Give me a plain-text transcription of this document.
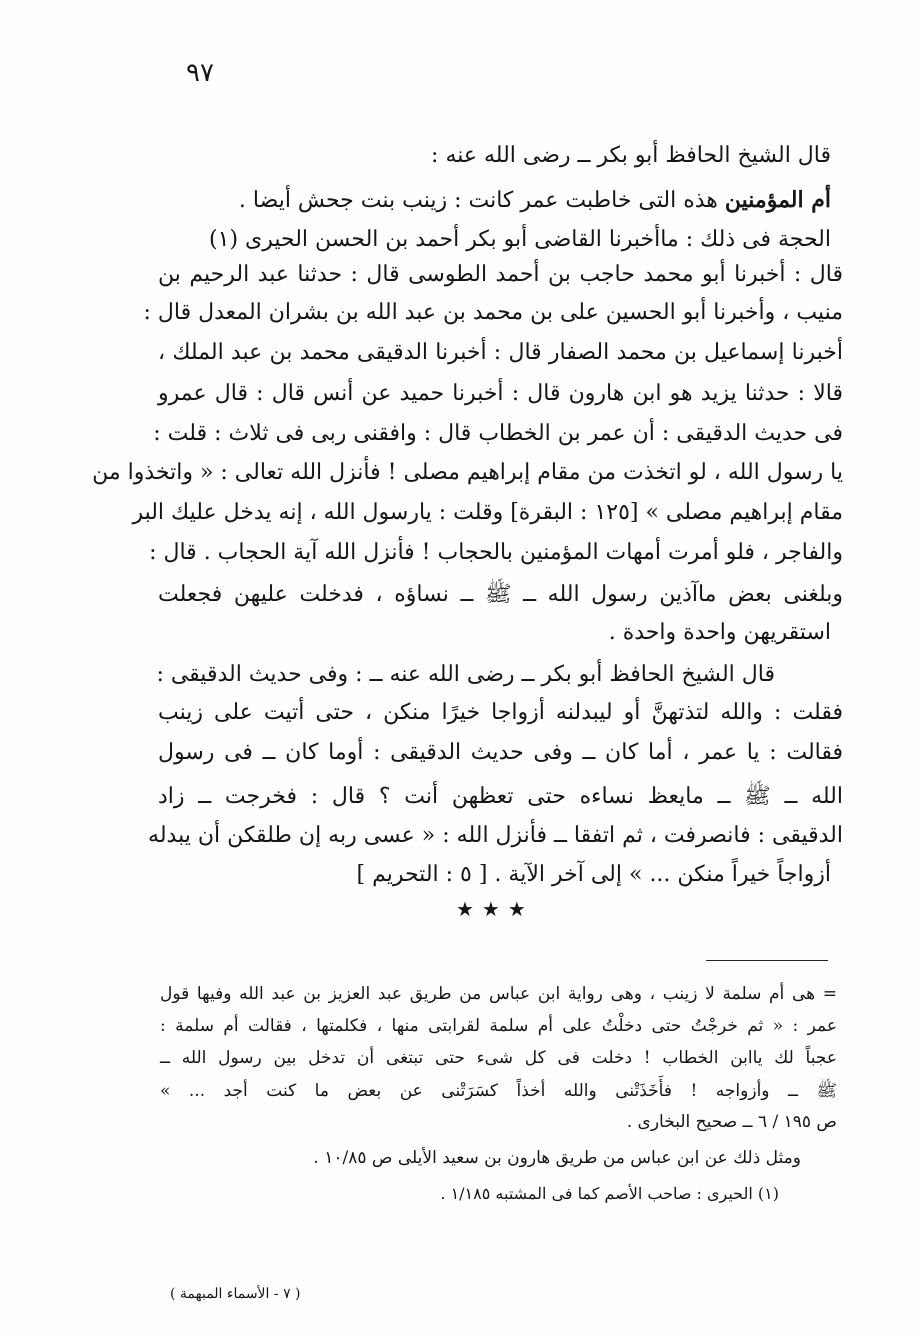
٩٧
قال الشيخ الحافظ أبو بكر ــ رضى الله عنه :
أم المؤمنين هذه التى خاطبت عمر كانت : زينب بنت جحش أيضا .
الحجة فى ذلك : ماأخبرنا القاضى أبو بكر أحمد بن الحسن الحيرى (١)
قال : أخبرنا أبو محمد حاجب بن أحمد الطوسى قال : حدثنا عبد الرحيم بن
منيب ، وأخبرنا أبو الحسين على بن محمد بن عبد الله بن بشران المعدل قال :
أخبرنا إسماعيل بن محمد الصفار قال : أخبرنا الدقيقى محمد بن عبد الملك ،
قالا : حدثنا يزيد هو ابن هارون قال : أخبرنا حميد عن أنس قال : قال عمرو
فى حديث الدقيقى : أن عمر بن الخطاب قال : وافقنى ربى فى ثلاث : قلت :
يا رسول الله ، لو اتخذت من مقام إبراهيم مصلى ! فأنزل الله تعالى : « واتخذوا من
مقام إبراهيم مصلى » [١٢٥ : البقرة] وقلت : يارسول الله ، إنه يدخل عليك البر
والفاجر ، فلو أمرت أمهات المؤمنين بالحجاب ! فأنزل الله آية الحجاب . قال :
وبلغنى بعض ماآذين رسول الله ــ ﷺ ــ نساؤه ، فدخلت عليهن فجعلت
استقريهن واحدة واحدة .
قال الشيخ الحافظ أبو بكر ــ رضى الله عنه ــ : وفى حديث الدقيقى :
فقلت : والله لتذتهنَّ أو ليبدلنه أزواجا خيرًا منكن ، حتى أتيت على زينب
فقالت : يا عمر ، أما كان ــ وفى حديث الدقيقى : أوما كان ــ فى رسول
الله ــ ﷺ ــ مايعظ نساءه حتى تعظهن أنت ؟ قال : فخرجت ــ زاد
الدقيقى : فانصرفت ، ثم اتفقا ــ فأنزل الله : « عسى ربه إن طلقكن أن يبدله
أزواجاً خيراً منكن ... » إلى آخر الآية . [ ٥ : التحريم ]
★★★
= هى أم سلمة لا زينب ، وهى رواية ابن عباس من طريق عبد العزيز بن عبد الله وفيها قول
عمر : « ثم خرجْتُ حتى دخلْتُ على أم سلمة لقرابتى منها ، فكلمتها ، فقالت أم سلمة :
عجباً لك ياابن الخطاب ! دخلت فى كل شىء حتى تبتغى أن تدخل بين رسول الله ــ
ﷺ ــ وأزواجه ! فأَخَذَتْنى والله أخذاً كسَرَتْنى عن بعض ما كنت أجد ... »
ص ١٩٥ / ٦ ــ صحيح البخارى .
ومثل ذلك عن ابن عباس من طريق هارون بن سعيد الأيلى ص ١٠/٨٥ .
(١) الحيرى : صاحب الأصم كما فى المشتبه ١/١٨٥ .
( ٧ - الأسماء المبهمة )
